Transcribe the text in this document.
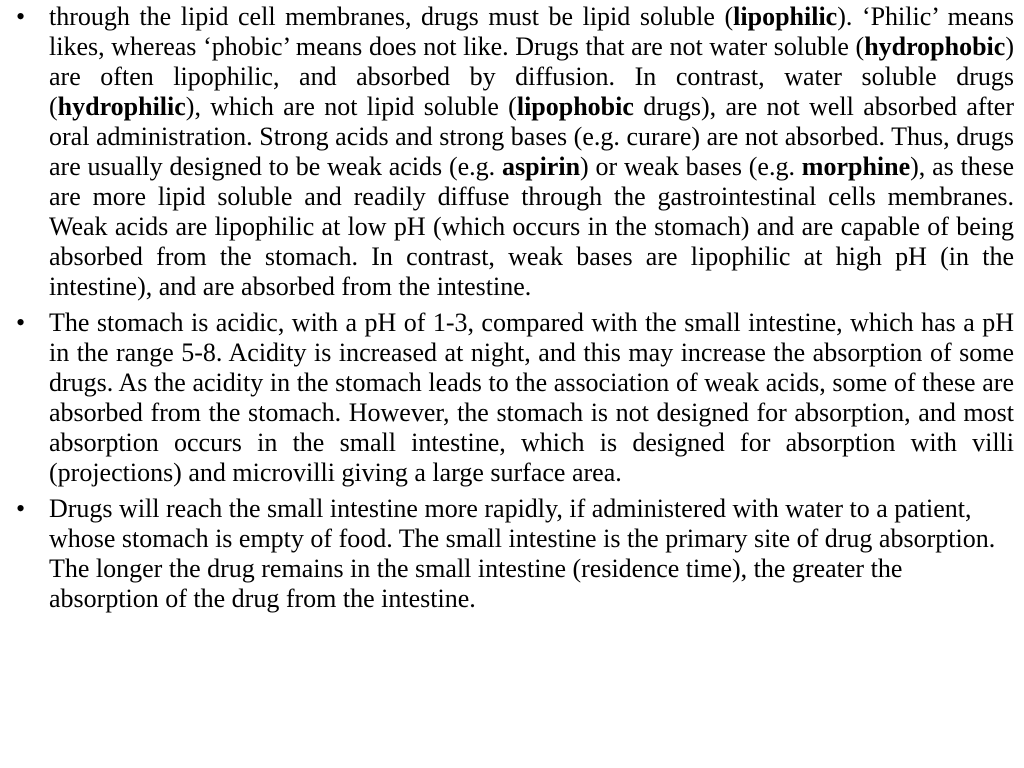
• through the lipid cell membranes, drugs must be lipid soluble (lipophilic). ‘Philic’ means likes, whereas ‘phobic’ means does not like. Drugs that are not water soluble (hydrophobic) are often lipophilic, and absorbed by diffusion. In contrast, water soluble drugs (hydrophilic), which are not lipid soluble (lipophobic drugs), are not well absorbed after oral administration. Strong acids and strong bases (e.g. curare) are not absorbed. Thus, drugs are usually designed to be weak acids (e.g. aspirin) or weak bases (e.g. morphine), as these are more lipid soluble and readily diffuse through the gastrointestinal cells membranes. Weak acids are lipophilic at low pH (which occurs in the stomach) and are capable of being absorbed from the stomach. In contrast, weak bases are lipophilic at high pH (in the intestine), and are absorbed from the intestine.
• The stomach is acidic, with a pH of 1-3, compared with the small intestine, which has a pH in the range 5-8. Acidity is increased at night, and this may increase the absorption of some drugs. As the acidity in the stomach leads to the association of weak acids, some of these are absorbed from the stomach. However, the stomach is not designed for absorption, and most absorption occurs in the small intestine, which is designed for absorption with villi (projections) and microvilli giving a large surface area.
• Drugs will reach the small intestine more rapidly, if administered with water to a patient, whose stomach is empty of food. The small intestine is the primary site of drug absorption. The longer the drug remains in the small intestine (residence time), the greater the absorption of the drug from the intestine.
